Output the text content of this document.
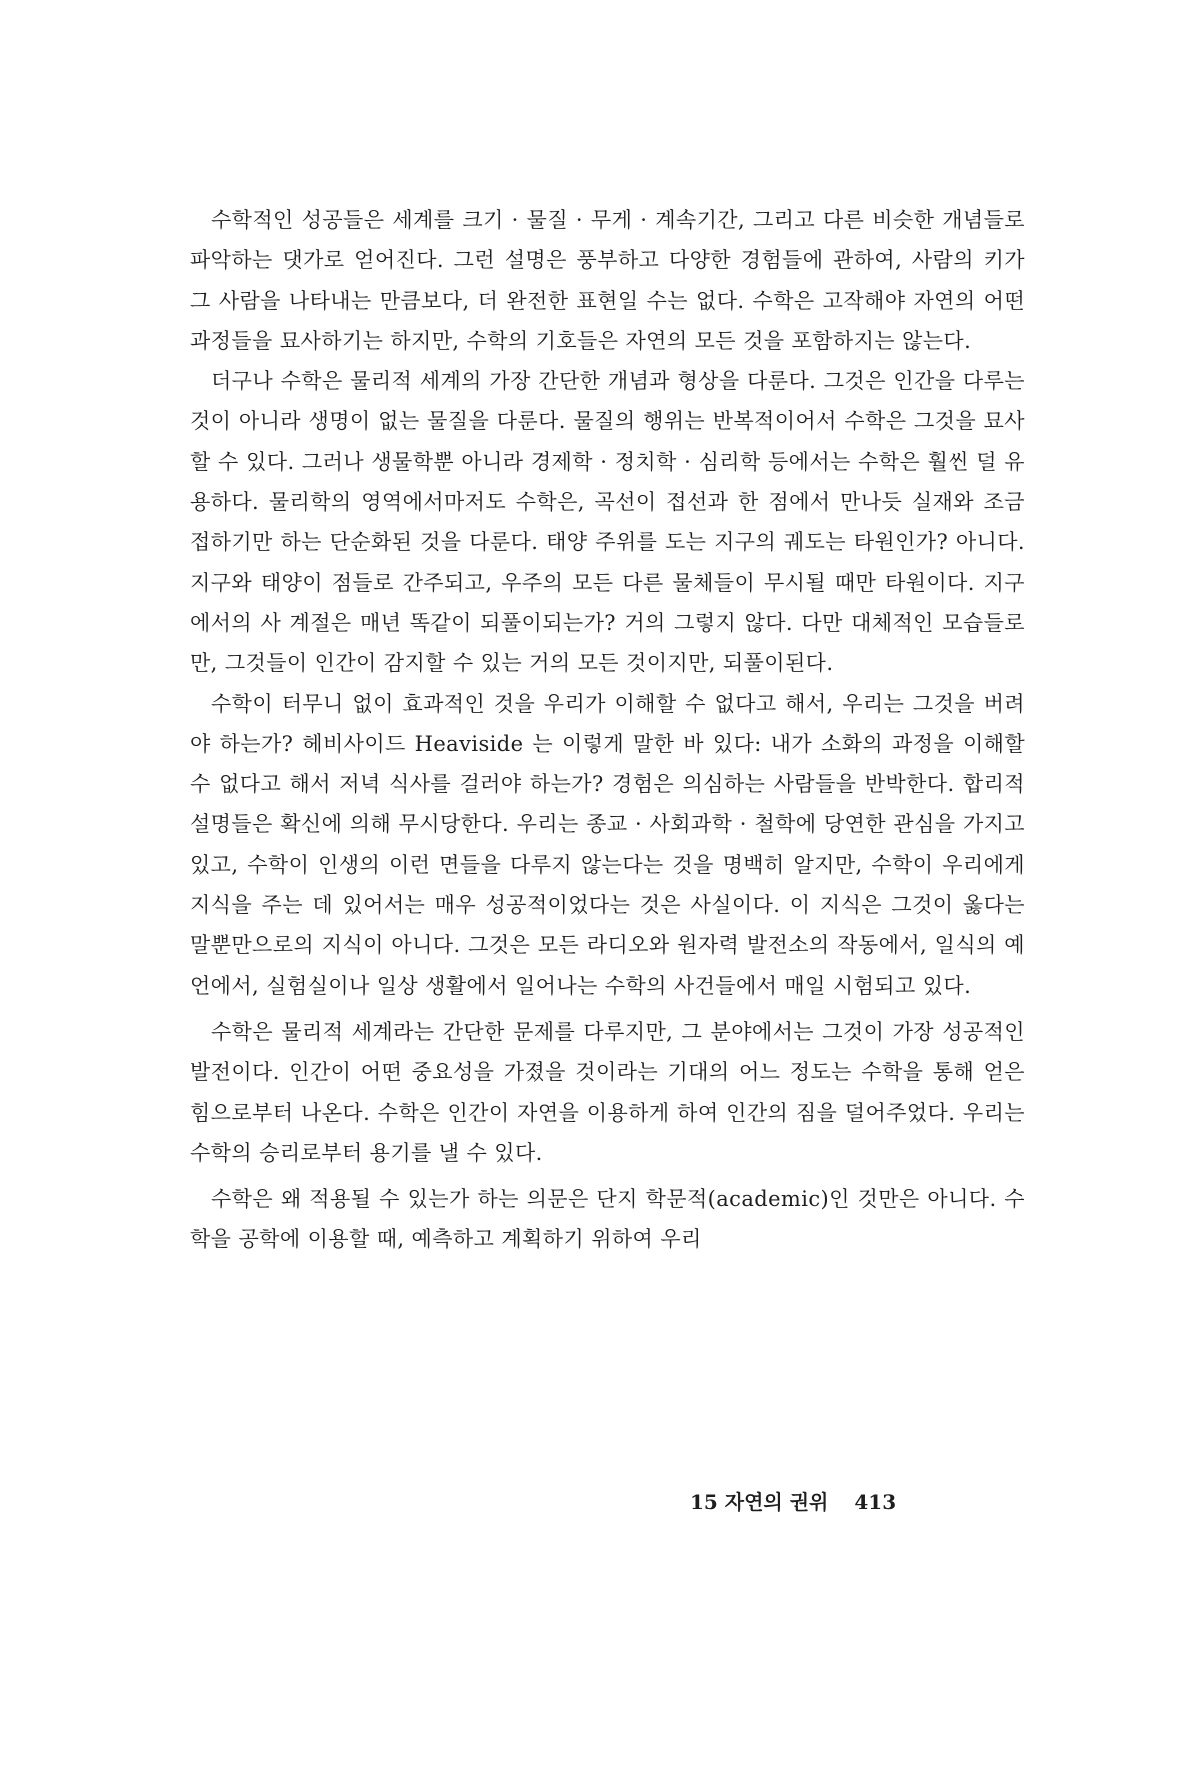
수학적인 성공들은 세계를 크기 · 물질 · 무게 · 계속기간, 그리고 다른 비슷한 개념들로 파악하는 댓가로 얻어진다. 그런 설명은 풍부하고 다양한 경험들에 관하여, 사람의 키가 그 사람을 나타내는 만큼보다, 더 완전한 표현일 수는 없다. 수학은 고작해야 자연의 어떤 과정들을 묘사하기는 하지만, 수학의 기호들은 자연의 모든 것을 포함하지는 않는다.

더구나 수학은 물리적 세계의 가장 간단한 개념과 형상을 다룬다. 그것은 인간을 다루는 것이 아니라 생명이 없는 물질을 다룬다. 물질의 행위는 반복적이어서 수학은 그것을 묘사할 수 있다. 그러나 생물학뿐 아니라 경제학 · 정치학 · 심리학 등에서는 수학은 훨씬 덜 유용하다. 물리학의 영역에서마저도 수학은, 곡선이 접선과 한 점에서 만나듯 실재와 조금 접하기만 하는 단순화된 것을 다룬다. 태양 주위를 도는 지구의 궤도는 타원인가? 아니다. 지구와 태양이 점들로 간주되고, 우주의 모든 다른 물체들이 무시될 때만 타원이다. 지구에서의 사 계절은 매년 똑같이 되풀이되는가? 거의 그렇지 않다. 다만 대체적인 모습들로만, 그것들이 인간이 감지할 수 있는 거의 모든 것이지만, 되풀이된다.

수학이 터무니 없이 효과적인 것을 우리가 이해할 수 없다고 해서, 우리는 그것을 버려야 하는가? 헤비사이드 Heaviside 는 이렇게 말한 바 있다: 내가 소화의 과정을 이해할 수 없다고 해서 저녁 식사를 걸러야 하는가? 경험은 의심하는 사람들을 반박한다. 합리적 설명들은 확신에 의해 무시당한다. 우리는 종교 · 사회과학 · 철학에 당연한 관심을 가지고 있고, 수학이 인생의 이런 면들을 다루지 않는다는 것을 명백히 알지만, 수학이 우리에게 지식을 주는 데 있어서는 매우 성공적이었다는 것은 사실이다. 이 지식은 그것이 옳다는 말뿐만으로의 지식이 아니다. 그것은 모든 라디오와 원자력 발전소의 작동에서, 일식의 예언에서, 실험실이나 일상 생활에서 일어나는 수학의 사건들에서 매일 시험되고 있다.

수학은 물리적 세계라는 간단한 문제를 다루지만, 그 분야에서는 그것이 가장 성공적인 발전이다. 인간이 어떤 중요성을 가졌을 것이라는 기대의 어느 정도는 수학을 통해 얻은 힘으로부터 나온다. 수학은 인간이 자연을 이용하게 하여 인간의 짐을 덜어주었다. 우리는 수학의 승리로부터 용기를 낼 수 있다.

수학은 왜 적용될 수 있는가 하는 의문은 단지 학문적(academic)인 것만은 아니다. 수학을 공학에 이용할 때, 예측하고 계획하기 위하여 우리

15 자연의 권위 413
